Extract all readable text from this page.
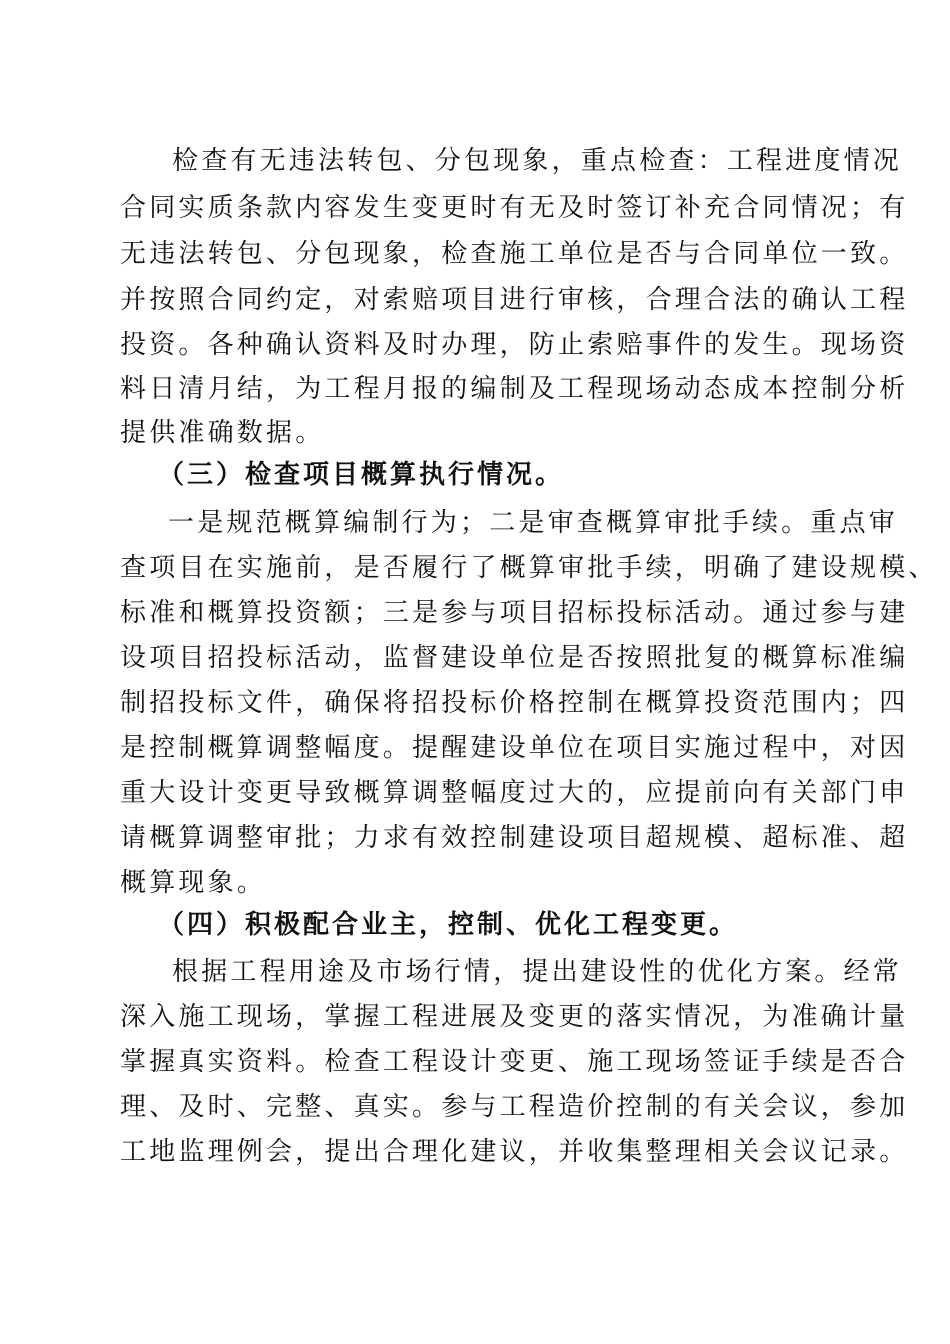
检查有无违法转包、分包现象，重点检查：工程进度情况
合同实质条款内容发生变更时有无及时签订补充合同情况；有
无违法转包、分包现象，检查施工单位是否与合同单位一致。
并按照合同约定，对索赔项目进行审核，合理合法的确认工程
投资。各种确认资料及时办理，防止索赔事件的发生。现场资
料日清月结，为工程月报的编制及工程现场动态成本控制分析
提供准确数据。
（三）检查项目概算执行情况。
一是规范概算编制行为；二是审查概算审批手续。重点审
查项目在实施前，是否履行了概算审批手续，明确了建设规模、
标准和概算投资额；三是参与项目招标投标活动。通过参与建
设项目招投标活动，监督建设单位是否按照批复的概算标准编
制招投标文件，确保将招投标价格控制在概算投资范围内；四
是控制概算调整幅度。提醒建设单位在项目实施过程中，对因
重大设计变更导致概算调整幅度过大的，应提前向有关部门申
请概算调整审批；力求有效控制建设项目超规模、超标准、超
概算现象。
（四）积极配合业主，控制、优化工程变更。
根据工程用途及市场行情，提出建设性的优化方案。经常
深入施工现场，掌握工程进展及变更的落实情况，为准确计量
掌握真实资料。检查工程设计变更、施工现场签证手续是否合
理、及时、完整、真实。参与工程造价控制的有关会议，参加
工地监理例会，提出合理化建议，并收集整理相关会议记录。
